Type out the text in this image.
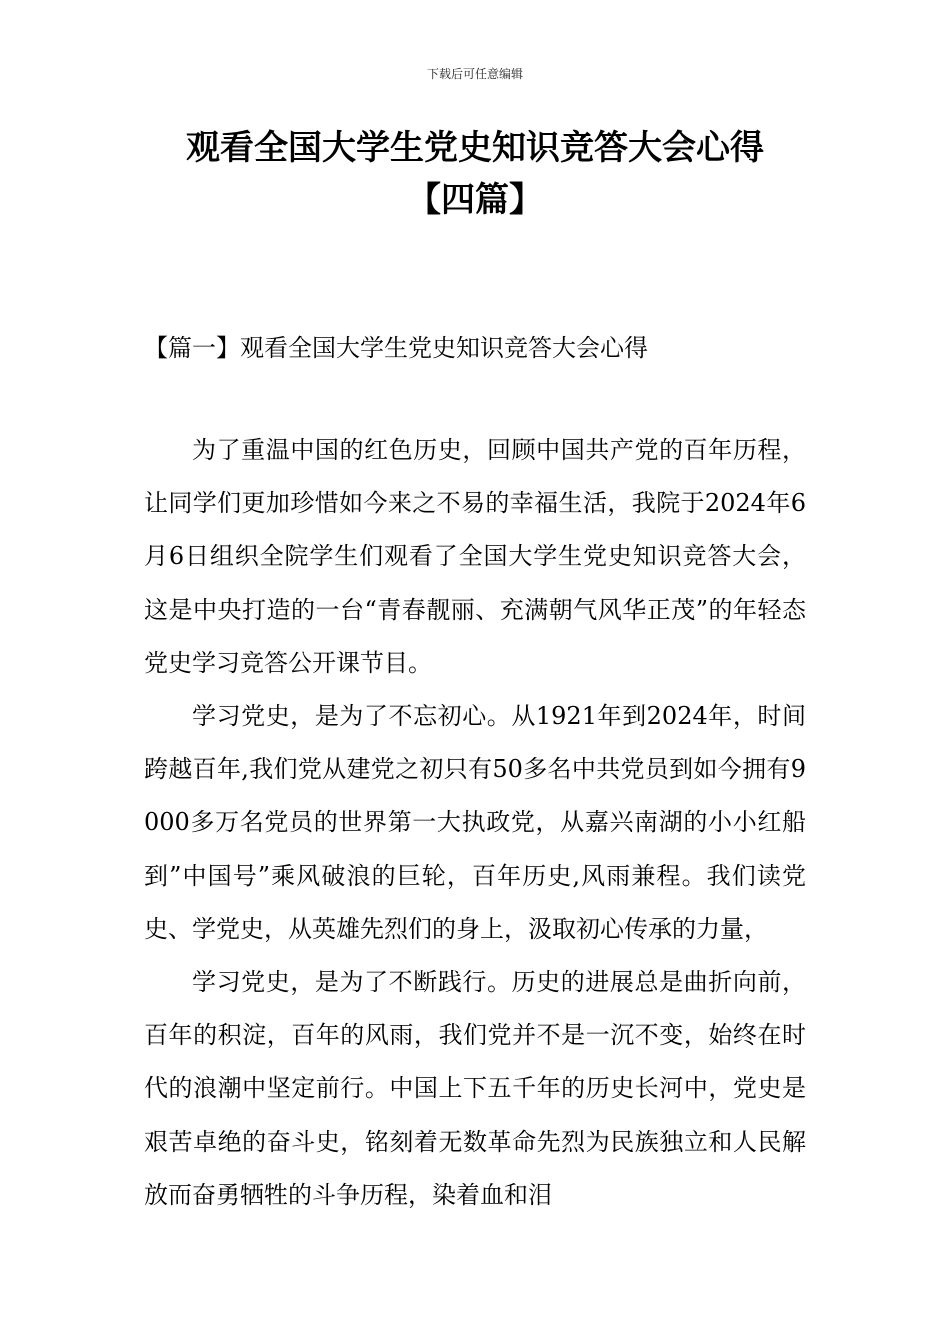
下载后可任意编辑
观看全国大学生党史知识竞答大会心得
【四篇】
【篇一】观看全国大学生党史知识竞答大会心得

为了重温中国的红色历史，回顾中国共产党的百年历程，让同学们更加珍惜如今来之不易的幸福生活，我院于2024年6月6日组织全院学生们观看了全国大学生党史知识竞答大会，这是中央打造的一台“青春靓丽、充满朝气风华正茂”的年轻态党史学习竞答公开课节目。

学习党史，是为了不忘初心。从1921年到2024年，时间跨越百年,我们党从建党之初只有50多名中共党员到如今拥有9000多万名党员的世界第一大执政党，从嘉兴南湖的小小红船到”中国号”乘风破浪的巨轮，百年历史,风雨兼程。我们读党史、学党史，从英雄先烈们的身上，汲取初心传承的力量，

学习党史，是为了不断践行。历史的进展总是曲折向前，百年的积淀，百年的风雨，我们党并不是一沉不变，始终在时代的浪潮中坚定前行。中国上下五千年的历史长河中，党史是艰苦卓绝的奋斗史，铭刻着无数革命先烈为民族独立和人民解放而奋勇牺牲的斗争历程，染着血和泪
